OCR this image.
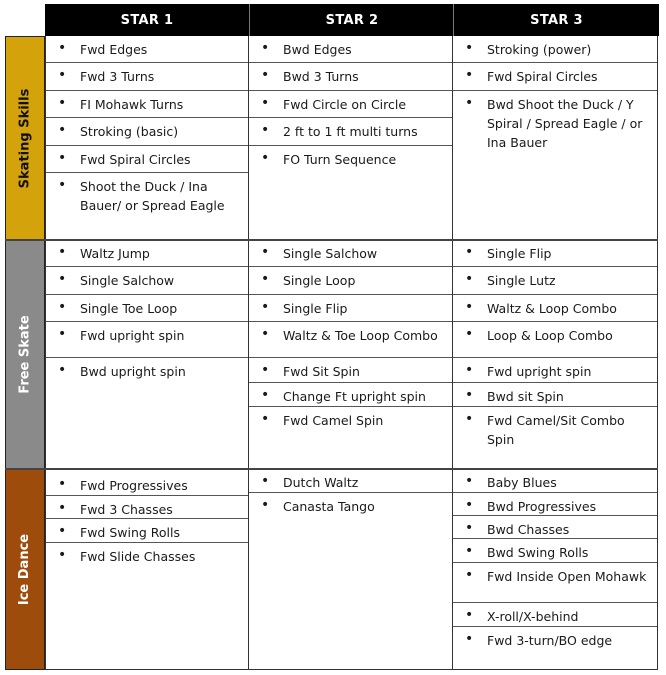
STAR 1	STAR 2	STAR 3
Skating Skills
Free Skate
Ice Dance
• Fwd Edges
• Fwd 3 Turns
• FI Mohawk Turns
• Stroking (basic)
• Fwd Spiral Circles
• Shoot the Duck / Ina Bauer/ or Spread Eagle
• Bwd Edges
• Bwd 3 Turns
• Fwd Circle on Circle
• 2 ft to 1 ft multi turns
• FO Turn Sequence
• Stroking (power)
• Fwd Spiral Circles
• Bwd Shoot the Duck / Y Spiral / Spread Eagle / or Ina Bauer
• Waltz Jump
• Single Salchow
• Single Toe Loop
• Fwd upright spin
• Bwd upright spin
• Single Salchow
• Single Loop
• Single Flip
• Waltz & Toe Loop Combo
• Fwd Sit Spin
• Change Ft upright spin
• Fwd Camel Spin
• Single Flip
• Single Lutz
• Waltz & Loop Combo
• Loop & Loop Combo
• Fwd upright spin
• Bwd sit Spin
• Fwd Camel/Sit Combo Spin
• Fwd Progressives
• Fwd 3 Chasses
• Fwd Swing Rolls
• Fwd Slide Chasses
• Dutch Waltz
• Canasta Tango
• Baby Blues
• Bwd Progressives
• Bwd Chasses
• Bwd Swing Rolls
• Fwd Inside Open Mohawk
• X-roll/X-behind
• Fwd 3-turn/BO edge
